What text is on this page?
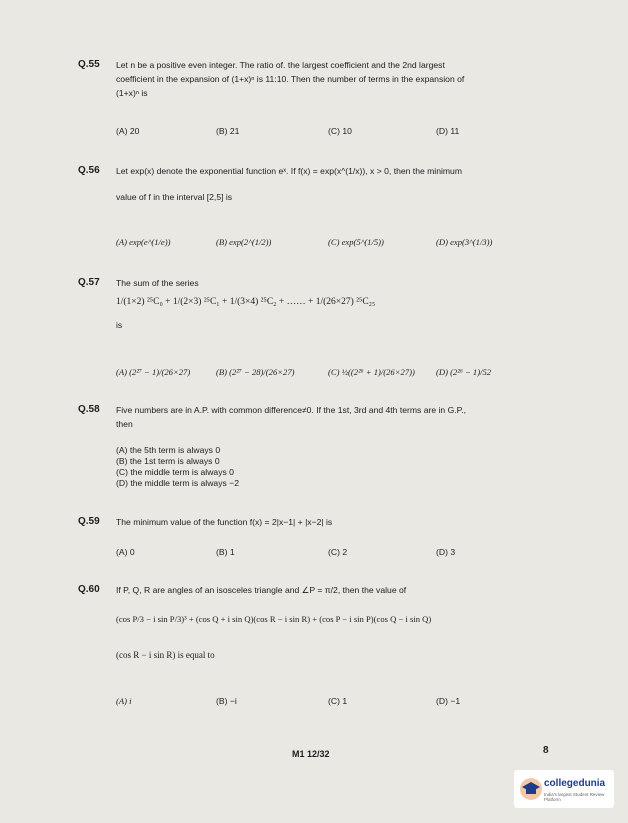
Q.55 Let n be a positive even integer. The ratio of. the largest coefficient and the 2nd largest
coefficient in the expansion of (1+x)ⁿ is 11:10. Then the number of terms in the expansion of
(1+x)ⁿ is
(A) 20	(B) 21	(C) 10	(D) 11
Q.56 Let exp(x) denote the exponential function eˣ. If f(x) = exp(x^(1/x)), x > 0, then the minimum
value of f in the interval [2,5] is
(A) exp(e^(1/e))	(B) exp(2^(1/2))	(C) exp(5^(1/5))	(D) exp(3^(1/3))
Q.57 The sum of the series
1/(1×2) ²⁵C₀ + 1/(2×3) ²⁵C₁ + 1/(3×4) ²⁵C₂ + …… + 1/(26×27) ²⁵C₂₅
is
(A) (2²⁷ − 1)/(26×27)	(B) (2²⁷ − 28)/(26×27)	(C) ½((2²⁶ + 1)/(26×27)) (D) (2²⁶ − 1)/52
Q.58 Five numbers are in A.P. with common difference≠0. If the 1st, 3rd and 4th terms are in G.P.,
then
(A) the 5th term is always 0
(B) the 1st term is always 0
(C) the middle term is always 0
(D) the middle term is always −2
Q.59 The minimum value of the function f(x) = 2|x−1| + |x−2| is
(A) 0	(B) 1	(C) 2	(D) 3
Q.60 If P, Q, R are angles of an isosceles triangle and ∠P = π/2, then the value of
(cos P/3 − i sin P/3)³ + (cos Q + i sin Q)(cos R − i sin R) + (cos P − i sin P)(cos Q − i sin Q)
(cos R − i sin R) is equal to
(A) i	(B) −i	(C) 1	(D) −1
M1 12/32	8
collegedunia
India's largest Student Review Platform
